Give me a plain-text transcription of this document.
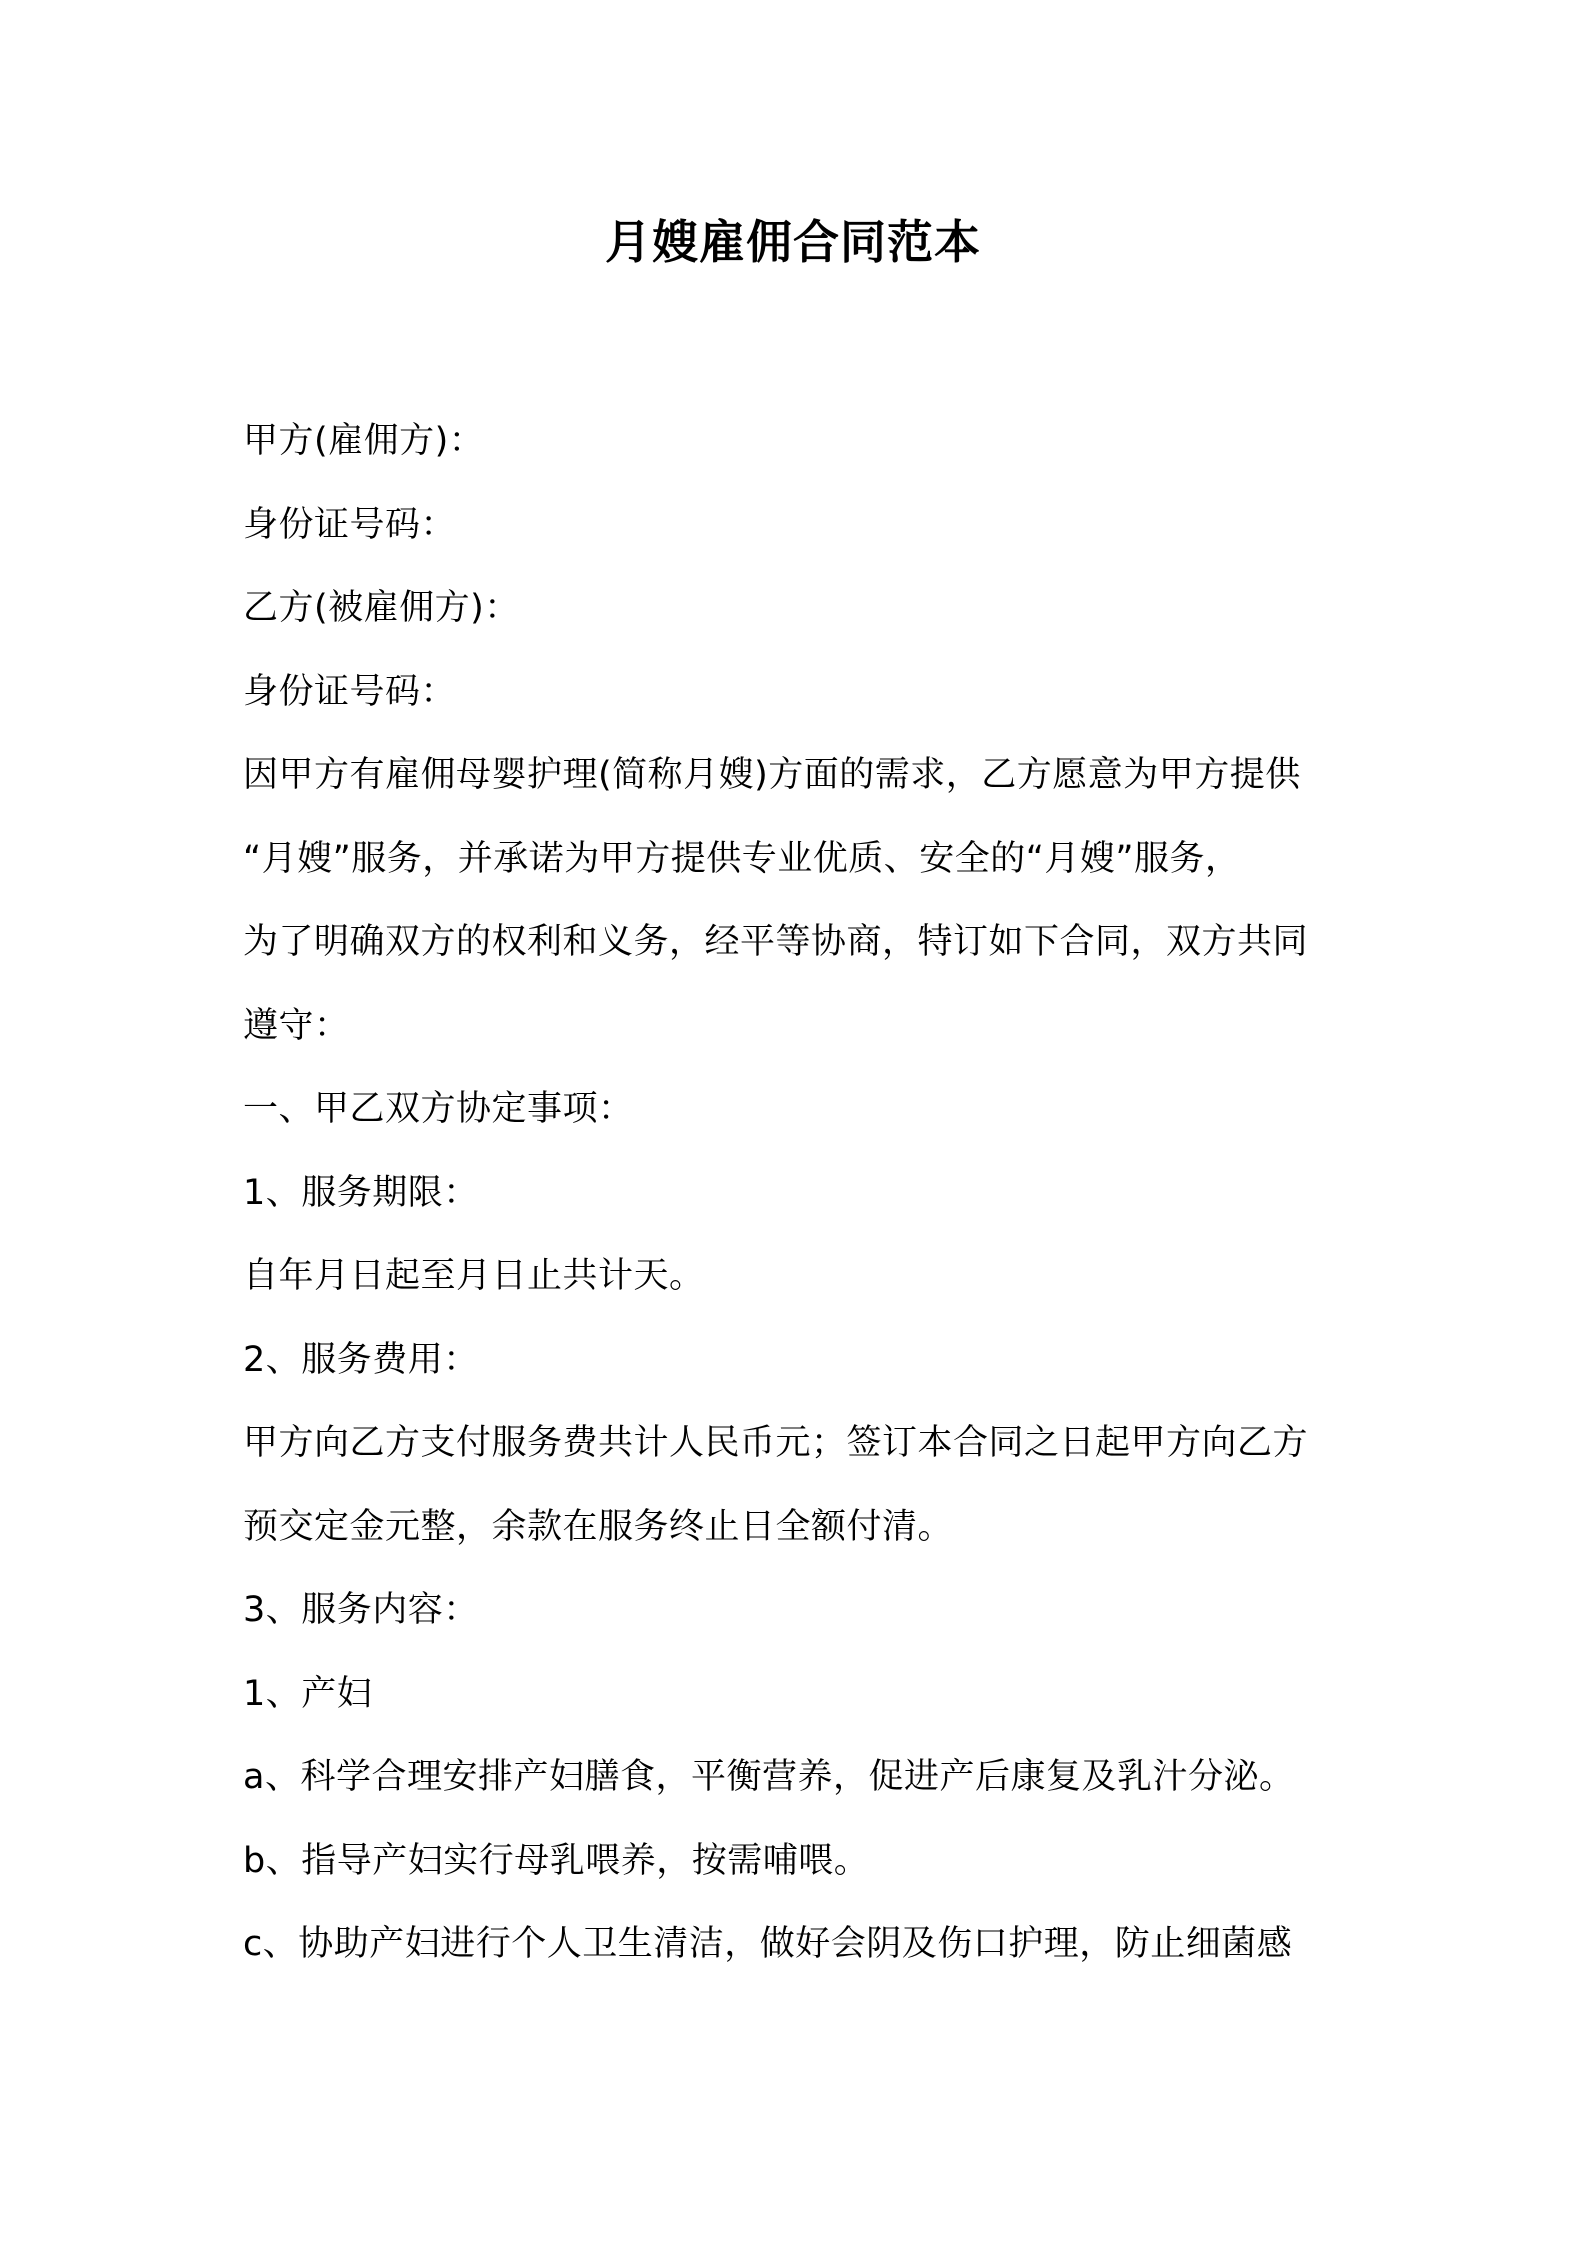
月嫂雇佣合同范本
甲方(雇佣方)：
身份证号码：
乙方(被雇佣方)：
身份证号码：
因甲方有雇佣母婴护理(简称月嫂)方面的需求，乙方愿意为甲方提供
“月嫂”服务，并承诺为甲方提供专业优质、安全的“月嫂”服务，
为了明确双方的权利和义务，经平等协商，特订如下合同，双方共同
遵守：
一、甲乙双方协定事项：
1、服务期限：
自年月日起至月日止共计天。
2、服务费用：
甲方向乙方支付服务费共计人民币元；签订本合同之日起甲方向乙方
预交定金元整，余款在服务终止日全额付清。
3、服务内容：
1、产妇
a、科学合理安排产妇膳食，平衡营养，促进产后康复及乳汁分泌。
b、指导产妇实行母乳喂养，按需哺喂。
c、协助产妇进行个人卫生清洁，做好会阴及伤口护理，防止细菌感
